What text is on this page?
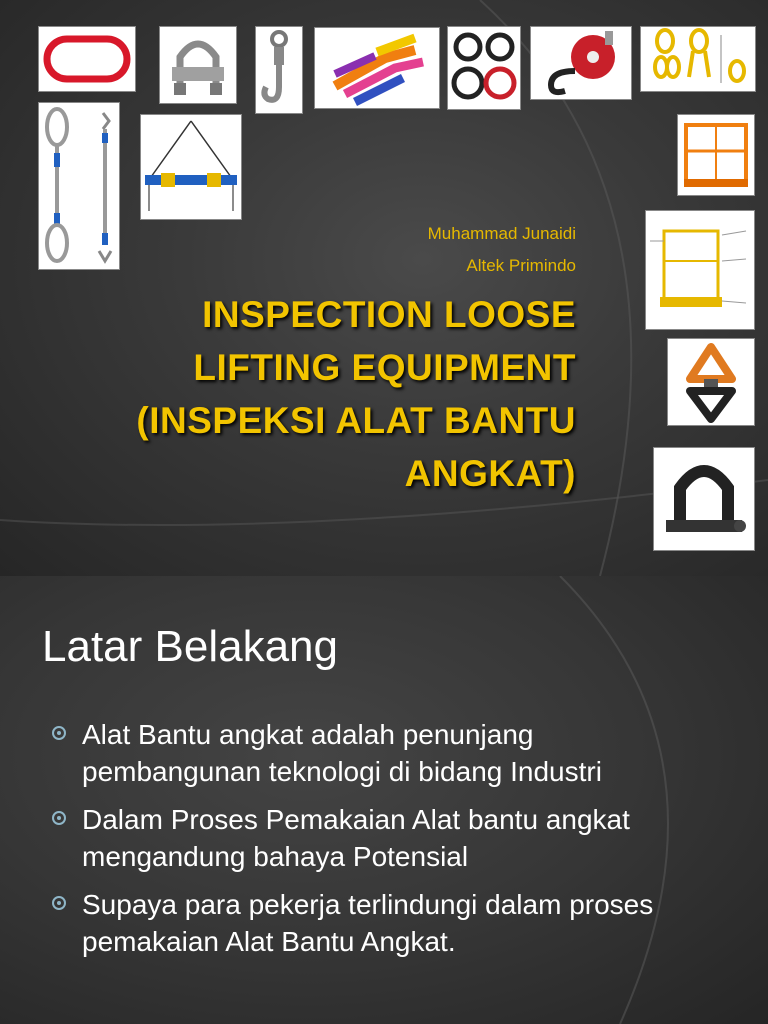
Muhammad Junaidi
Altek Primindo
INSPECTION LOOSE LIFTING EQUIPMENT (INSPEKSI ALAT BANTU ANGKAT)
Latar Belakang
Alat Bantu angkat adalah penunjang pembangunan teknologi di bidang Industri
Dalam Proses Pemakaian Alat bantu angkat mengandung bahaya Potensial
Supaya para pekerja terlindungi dalam proses pemakaian Alat Bantu Angkat.
